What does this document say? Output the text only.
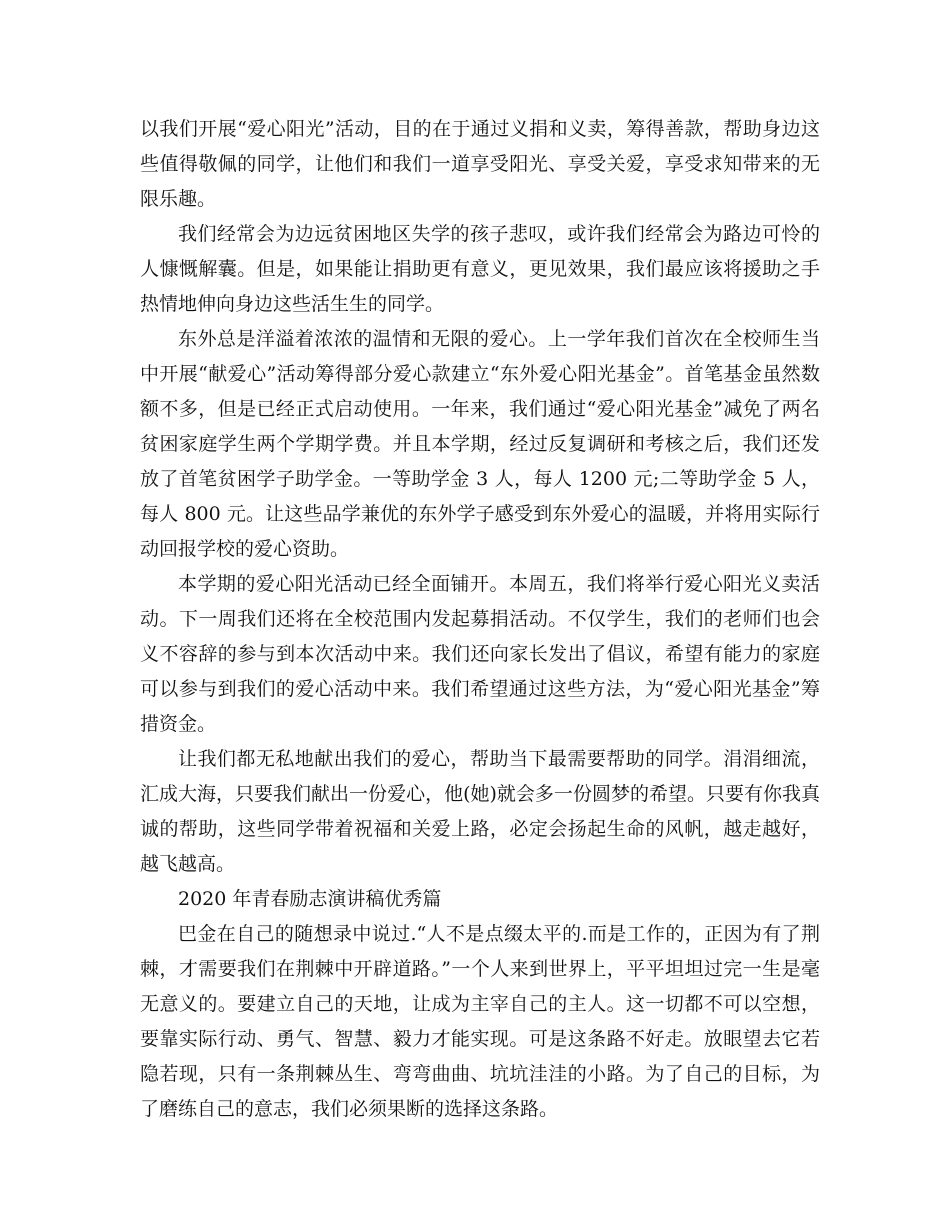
以我们开展“爱心阳光”活动，目的在于通过义捐和义卖，筹得善款，帮助身边这些值得敬佩的同学，让他们和我们一道享受阳光、享受关爱，享受求知带来的无限乐趣。

我们经常会为边远贫困地区失学的孩子悲叹，或许我们经常会为路边可怜的人慷慨解囊。但是，如果能让捐助更有意义，更见效果，我们最应该将援助之手热情地伸向身边这些活生生的同学。

东外总是洋溢着浓浓的温情和无限的爱心。上一学年我们首次在全校师生当中开展“献爱心”活动筹得部分爱心款建立“东外爱心阳光基金”。首笔基金虽然数额不多，但是已经正式启动使用。一年来，我们通过“爱心阳光基金”减免了两名贫困家庭学生两个学期学费。并且本学期，经过反复调研和考核之后，我们还发放了首笔贫困学子助学金。一等助学金 3 人，每人 1200 元;二等助学金 5 人，每人 800 元。让这些品学兼优的东外学子感受到东外爱心的温暖，并将用实际行动回报学校的爱心资助。

本学期的爱心阳光活动已经全面铺开。本周五，我们将举行爱心阳光义卖活动。下一周我们还将在全校范围内发起募捐活动。不仅学生，我们的老师们也会义不容辞的参与到本次活动中来。我们还向家长发出了倡议，希望有能力的家庭可以参与到我们的爱心活动中来。我们希望通过这些方法，为“爱心阳光基金”筹措资金。

让我们都无私地献出我们的爱心，帮助当下最需要帮助的同学。涓涓细流，汇成大海，只要我们献出一份爱心，他(她)就会多一份圆梦的希望。只要有你我真诚的帮助，这些同学带着祝福和关爱上路，必定会扬起生命的风帆，越走越好，越飞越高。

2020 年青春励志演讲稿优秀篇

巴金在自己的随想录中说过.“人不是点缀太平的.而是工作的，正因为有了荆棘，才需要我们在荆棘中开辟道路。”一个人来到世界上，平平坦坦过完一生是毫无意义的。要建立自己的天地，让成为主宰自己的主人。这一切都不可以空想，要靠实际行动、勇气、智慧、毅力才能实现。可是这条路不好走。放眼望去它若隐若现，只有一条荆棘丛生、弯弯曲曲、坑坑洼洼的小路。为了自己的目标，为了磨练自己的意志，我们必须果断的选择这条路。
